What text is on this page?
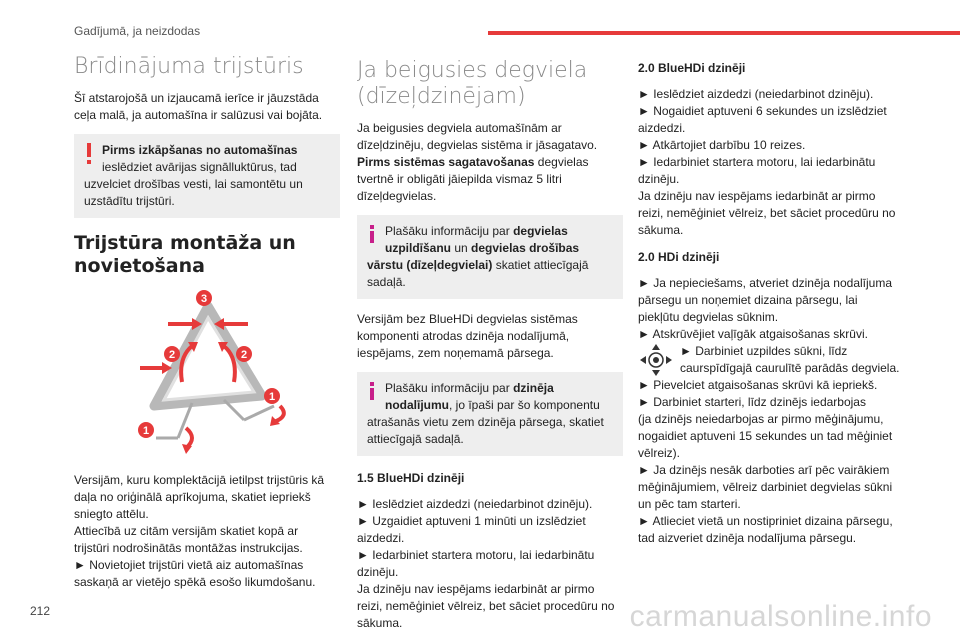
Gadījumā, ja neizdodas
Brīdinājuma trijstūris
Šī atstarojošā un izjaucamā ierīce ir jāuzstāda
ceļa malā, ja automašīna ir salūzusi vai bojāta.
Pirms izkāpšanas no automašīnas
ieslēdziet avārijas signālluktūrus, tad
uzvelciet drošības vesti, lai samontētu un
uzstādītu trijstūri.
Trijstūra montāža un
novietošana
3
2	2
1
1
Versijām, kuru komplektācijā ietilpst trijstūris kā
daļa no oriģinālā aprīkojuma, skatiet iepriekš
sniegto attēlu.
Attiecībā uz citām versijām skatiet kopā ar
trijstūri nodrošinātās montāžas instrukcijas.
► Novietojiet trijstūri vietā aiz automašīnas
saskaņā ar vietējo spēkā esošo likumdošanu.
Ja beigusies degviela
(dīzeļdzinējam)
Ja beigusies degviela automašīnām ar
dīzeļdzinēju, degvielas sistēma ir jāsagatavo.
Pirms sistēmas sagatavošanas degvielas
tvertnē ir obligāti jāiepilda vismaz 5 litri
dīzeļdegvielas.
Plašāku informāciju par degvielas
uzpildīšanu un degvielas drošības
vārstu (dīzeļdegvielai) skatiet attiecīgajā
sadaļā.
Versijām bez BlueHDi degvielas sistēmas
komponenti atrodas dzinēja nodalījumā,
iespējams, zem noņemamā pārsega.
Plašāku informāciju par dzinēja
nodalījumu, jo īpaši par šo komponentu
atrašanās vietu zem dzinēja pārsega, skatiet
attiecīgajā sadaļā.
1.5 BlueHDi dzinēji
► Ieslēdziet aizdedzi (neiedarbinot dzinēju).
► Uzgaidiet aptuveni 1 minūti un izslēdziet
aizdedzi.
► Iedarbiniet startera motoru, lai iedarbinātu
dzinēju.
Ja dzinēju nav iespējams iedarbināt ar pirmo
reizi, nemēģiniet vēlreiz, bet sāciet procedūru no
sākuma.
2.0 BlueHDi dzinēji
► Ieslēdziet aizdedzi (neiedarbinot dzinēju).
► Nogaidiet aptuveni 6 sekundes un izslēdziet
aizdedzi.
► Atkārtojiet darbību 10 reizes.
► Iedarbiniet startera motoru, lai iedarbinātu
dzinēju.
Ja dzinēju nav iespējams iedarbināt ar pirmo
reizi, nemēģiniet vēlreiz, bet sāciet procedūru no
sākuma.
2.0 HDi dzinēji
► Ja nepieciešams, atveriet dzinēja nodalījuma
pārsegu un noņemiet dizaina pārsegu, lai
piekļūtu degvielas sūknim.
► Atskrūvējiet vaļīgāk atgaisošanas skrūvi.
► Darbiniet uzpildes sūkni, līdz
caurspīdīgajā caurulītē parādās degviela.
► Pievelciet atgaisošanas skrūvi kā iepriekš.
► Darbiniet starteri, līdz dzinējs iedarbojas
(ja dzinējs neiedarbojas ar pirmo mēģinājumu,
nogaidiet aptuveni 15 sekundes un tad mēģiniet
vēlreiz).
► Ja dzinējs nesāk darboties arī pēc vairākiem
mēģinājumiem, vēlreiz darbiniet degvielas sūkni
un pēc tam starteri.
► Atlieciet vietā un nostipriniet dizaina pārsegu,
tad aizveriet dzinēja nodalījuma pārsegu.
212	carmanualsonline.info
